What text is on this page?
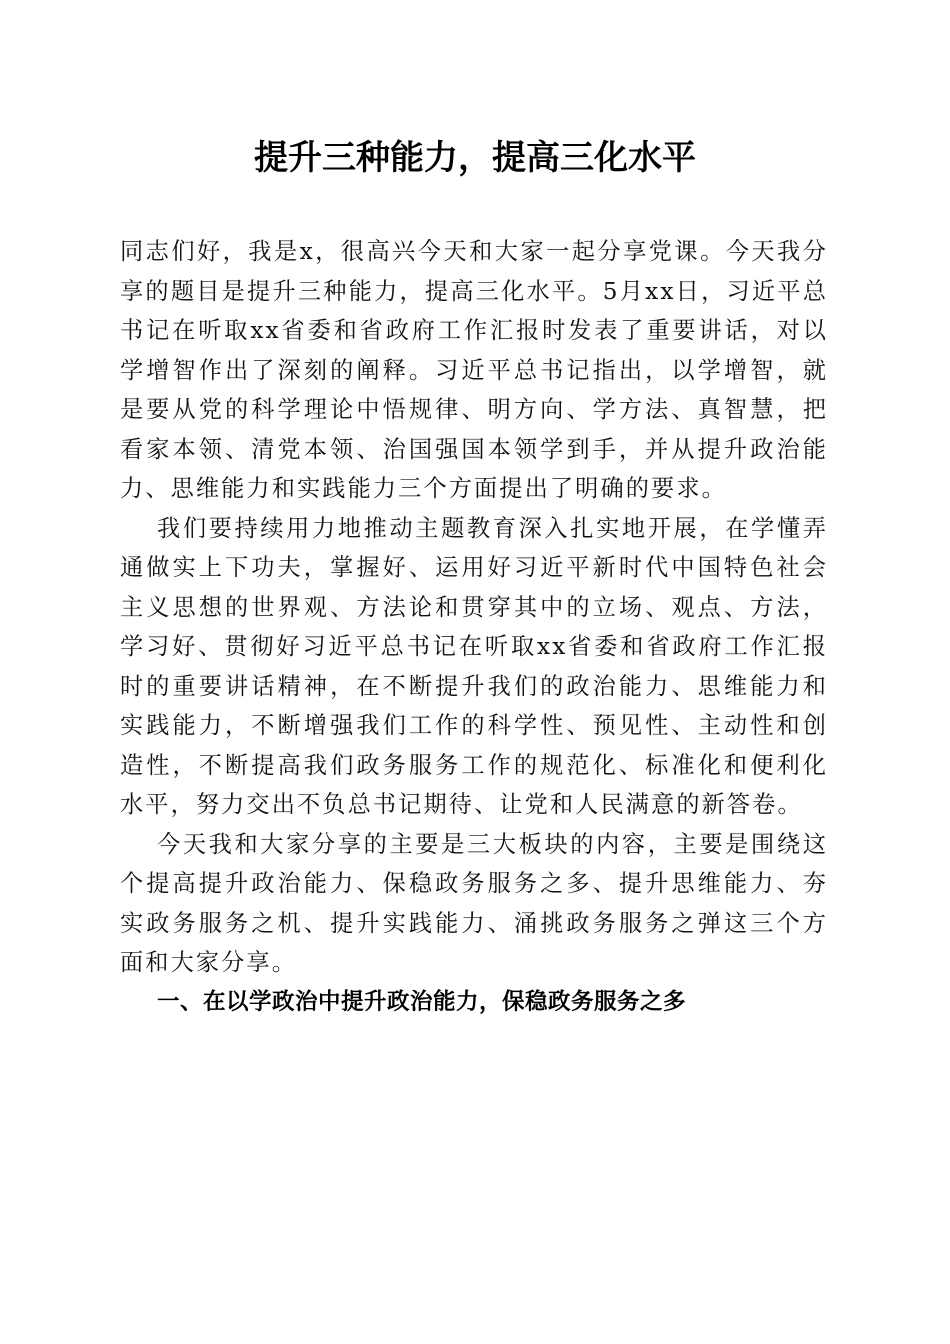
提升三种能力，提高三化水平

同志们好，我是x，很高兴今天和大家一起分享党课。今天我分享的题目是提升三种能力，提高三化水平。5月xx日，习近平总书记在听取xx省委和省政府工作汇报时发表了重要讲话，对以学增智作出了深刻的阐释。习近平总书记指出，以学增智，就是要从党的科学理论中悟规律、明方向、学方法、真智慧，把看家本领、清党本领、治国强国本领学到手，并从提升政治能力、思维能力和实践能力三个方面提出了明确的要求。

我们要持续用力地推动主题教育深入扎实地开展，在学懂弄通做实上下功夫，掌握好、运用好习近平新时代中国特色社会主义思想的世界观、方法论和贯穿其中的立场、观点、方法，学习好、贯彻好习近平总书记在听取xx省委和省政府工作汇报时的重要讲话精神，在不断提升我们的政治能力、思维能力和实践能力，不断增强我们工作的科学性、预见性、主动性和创造性，不断提高我们政务服务工作的规范化、标准化和便利化水平，努力交出不负总书记期待、让党和人民满意的新答卷。

今天我和大家分享的主要是三大板块的内容，主要是围绕这个提高提升政治能力、保稳政务服务之多、提升思维能力、夯实政务服务之机、提升实践能力、涌挑政务服务之弹这三个方面和大家分享。

一、在以学政治中提升政治能力，保稳政务服务之多
